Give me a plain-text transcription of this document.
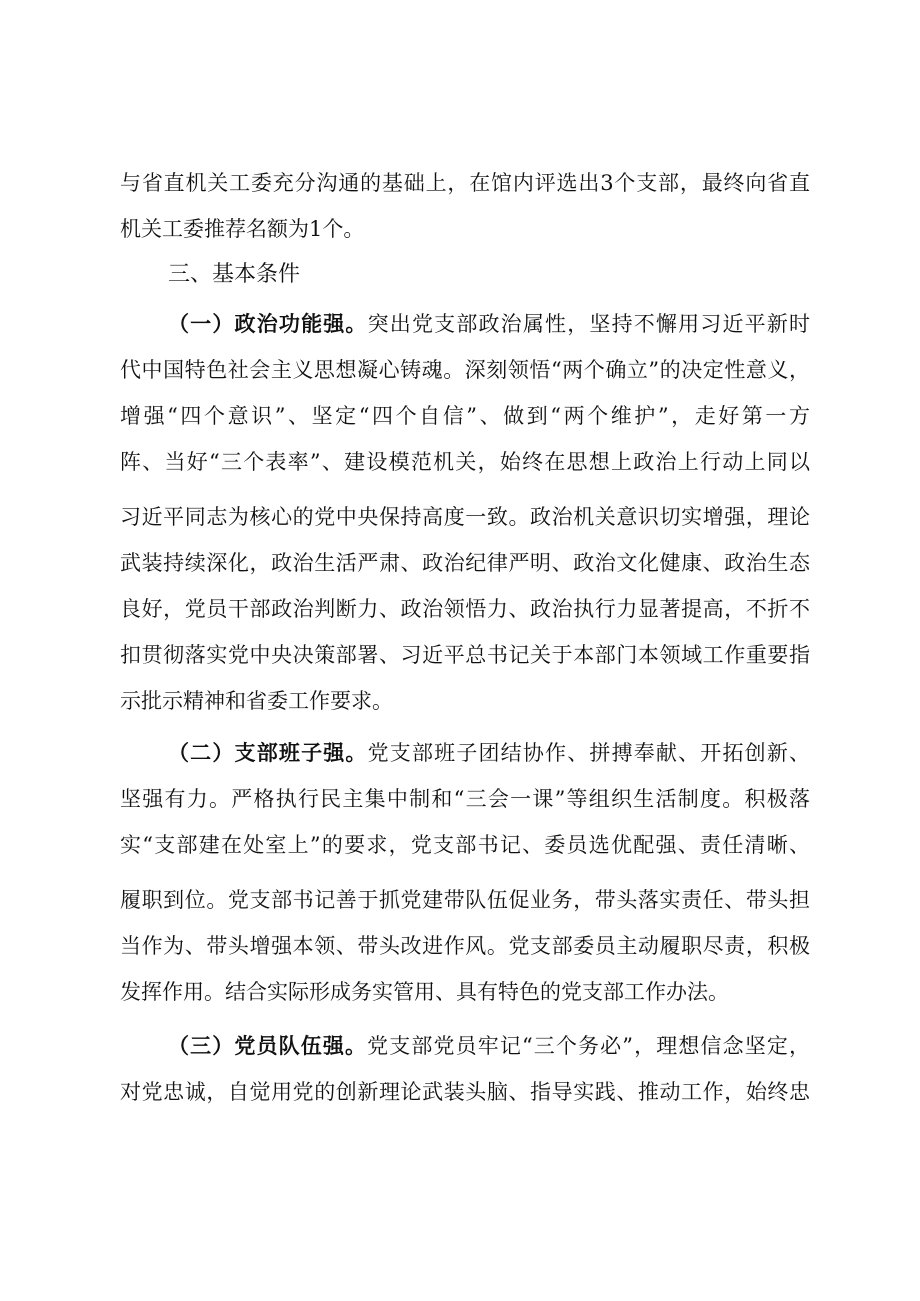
与省直机关工委充分沟通的基础上，在馆内评选出3个支部，最终向省直
机关工委推荐名额为1个。
三、基本条件
（一）政治功能强。突出党支部政治属性，坚持不懈用习近平新时
代中国特色社会主义思想凝心铸魂。深刻领悟“两个确立”的决定性意义，
增强“四个意识”、坚定“四个自信”、做到“两个维护”，走好第一方
阵、当好“三个表率”、建设模范机关，始终在思想上政治上行动上同以
习近平同志为核心的党中央保持高度一致。政治机关意识切实增强，理论
武装持续深化，政治生活严肃、政治纪律严明、政治文化健康、政治生态
良好，党员干部政治判断力、政治领悟力、政治执行力显著提高，不折不
扣贯彻落实党中央决策部署、习近平总书记关于本部门本领域工作重要指
示批示精神和省委工作要求。
（二）支部班子强。党支部班子团结协作、拼搏奉献、开拓创新、
坚强有力。严格执行民主集中制和“三会一课”等组织生活制度。积极落
实“支部建在处室上”的要求，党支部书记、委员选优配强、责任清晰、
履职到位。党支部书记善于抓党建带队伍促业务，带头落实责任、带头担
当作为、带头增强本领、带头改进作风。党支部委员主动履职尽责，积极
发挥作用。结合实际形成务实管用、具有特色的党支部工作办法。
（三）党员队伍强。党支部党员牢记“三个务必”，理想信念坚定，
对党忠诚，自觉用党的创新理论武装头脑、指导实践、推动工作，始终忠
